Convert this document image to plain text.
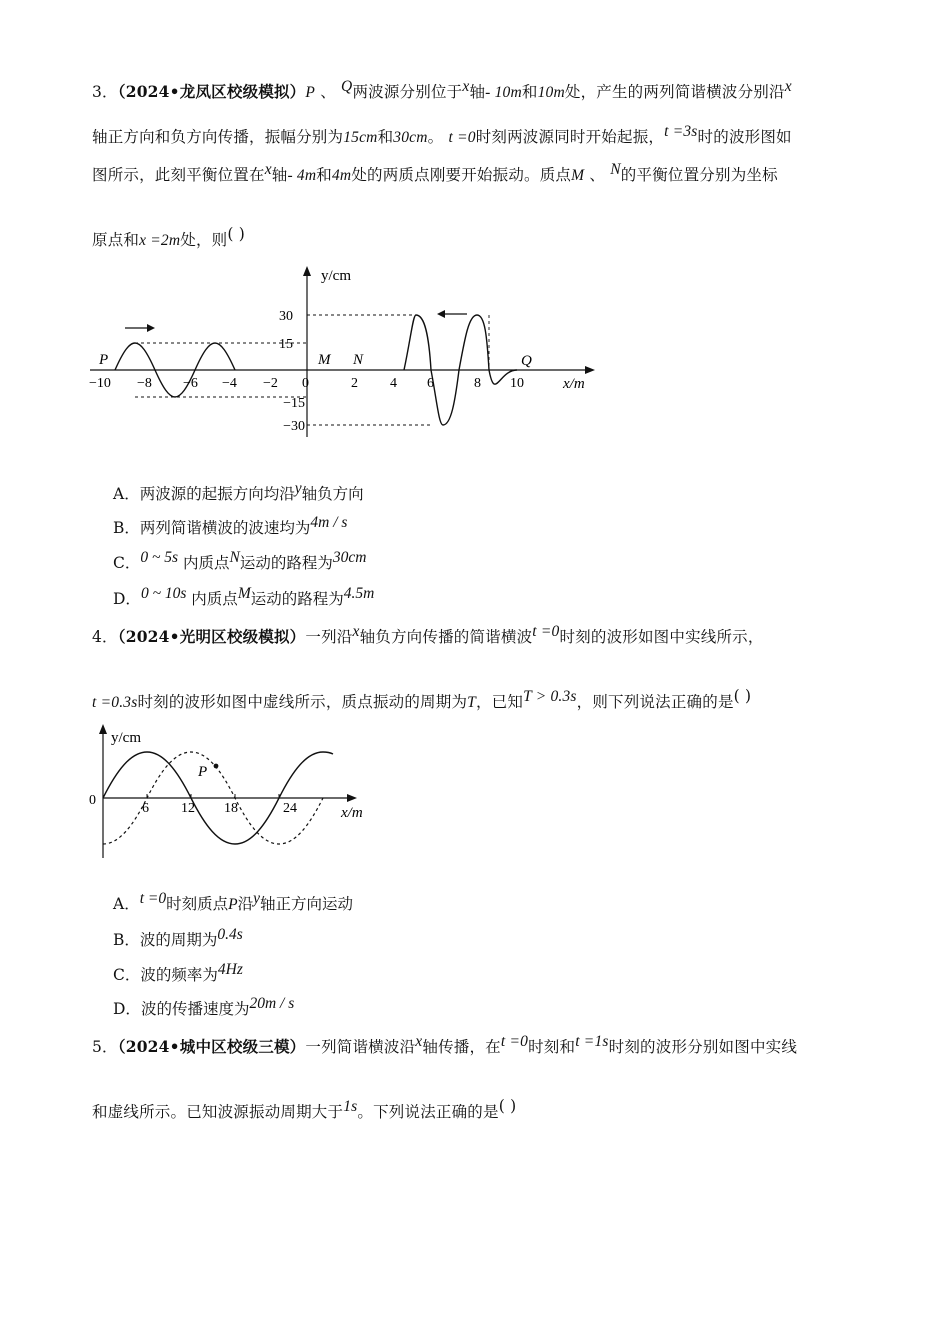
3．（2024•龙凤区校级模拟）P 、 Q两波源分别位于x轴- 10m和10m处，产生的两列简谐横波分别沿x
轴正方向和负方向传播，振幅分别为15cm和30cm。 t =0时刻两波源同时开始起振，t =3s时的波形图如
图所示，此刻平衡位置在x轴- 4m和4m处的两质点刚要开始振动。质点M 、 N的平衡位置分别为坐标
原点和x =2m处，则( )
y/cm
x/m
P	M N	Q
−10 −8 −6 −4 −2 0	2 4 6	8 10
30
15
−15
−30
A．两波源的起振方向均沿y轴负方向
B．两列简谐横波的波速均为4m / s
C．0 ~ 5s 内质点N运动的路程为30cm
D．0 ~ 10s 内质点M运动的路程为4.5m
4．（2024•光明区校级模拟）一列沿x轴负方向传播的简谐横波t =0时刻的波形如图中实线所示，
t =0.3s时刻的波形如图中虚线所示，质点振动的周期为T，已知T > 0.3s，则下列说法正确的是( )
y/cm
x/m
0
6 12 18	24
P
A．t =0时刻质点P沿y轴正方向运动
B．波的周期为0.4s
C．波的频率为4Hz
D．波的传播速度为20m / s
5．（2024•城中区校级三模）一列简谐横波沿x轴传播，在t =0时刻和t =1s时刻的波形分别如图中实线
和虚线所示。已知波源振动周期大于1s。下列说法正确的是( )
